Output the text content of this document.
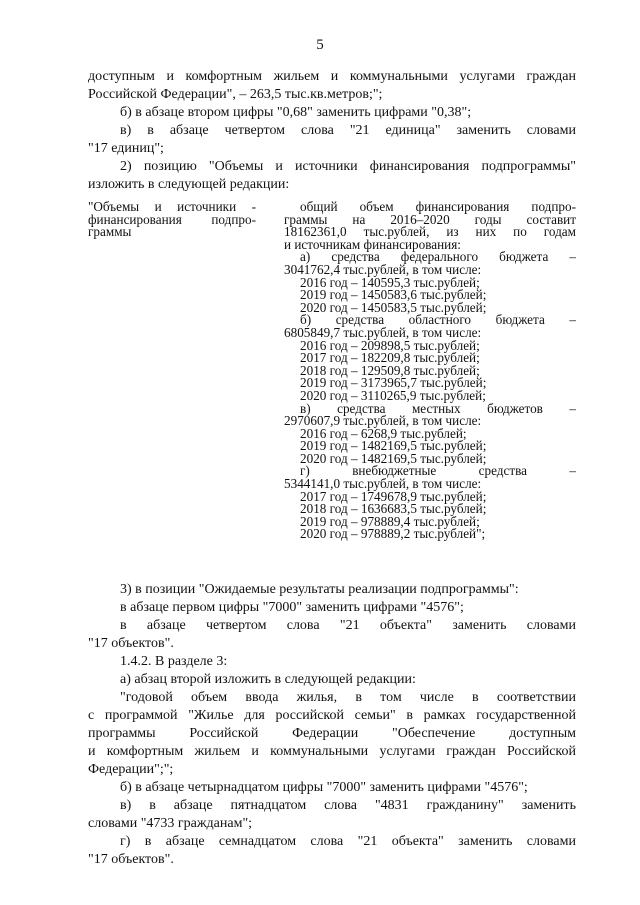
5
доступным и комфортным жильем и коммунальными услугами граждан
Российской Федерации", – 263,5 тыс.кв.метров;";
б) в абзаце втором цифры "0,68" заменить цифрами "0,38";
в) в абзаце четвертом слова "21 единица" заменить словами
"17 единиц";
2) позицию "Объемы и источники финансирования подпрограммы"
изложить в следующей редакции:
"Объемы и источники -
финансирования подпро-
граммы
общий объем финансирования подпро-
граммы на 2016–2020 годы составит
18162361,0 тыс.рублей, из них по годам
и источникам финансирования:
а) средства федерального бюджета –
3041762,4 тыс.рублей, в том числе:
2016 год – 140595,3 тыс.рублей;
2019 год – 1450583,6 тыс.рублей;
2020 год – 1450583,5 тыс.рублей;
б) средства областного бюджета –
6805849,7 тыс.рублей, в том числе:
2016 год – 209898,5 тыс.рублей;
2017 год – 182209,8 тыс.рублей;
2018 год – 129509,8 тыс.рублей;
2019 год – 3173965,7 тыс.рублей;
2020 год – 3110265,9 тыс.рублей;
в) средства местных бюджетов –
2970607,9 тыс.рублей, в том числе:
2016 год – 6268,9 тыс.рублей;
2019 год – 1482169,5 тыс.рублей;
2020 год – 1482169,5 тыс.рублей;
г) внебюджетные средства –
5344141,0 тыс.рублей, в том числе:
2017 год – 1749678,9 тыс.рублей;
2018 год – 1636683,5 тыс.рублей;
2019 год – 978889,4 тыс.рублей;
2020 год – 978889,2 тыс.рублей";
3) в позиции "Ожидаемые результаты реализации подпрограммы":
в абзаце первом цифры "7000" заменить цифрами "4576";
в абзаце четвертом слова "21 объекта" заменить словами
"17 объектов".
1.4.2. В разделе 3:
а) абзац второй изложить в следующей редакции:
"годовой объем ввода жилья, в том числе в соответствии
с программой "Жилье для российской семьи" в рамках государственной
программы Российской Федерации "Обеспечение доступным
и комфортным жильем и коммунальными услугами граждан Российской
Федерации";";
б) в абзаце четырнадцатом цифры "7000" заменить цифрами "4576";
в) в абзаце пятнадцатом слова "4831 гражданину" заменить
словами "4733 гражданам";
г) в абзаце семнадцатом слова "21 объекта" заменить словами
"17 объектов".
